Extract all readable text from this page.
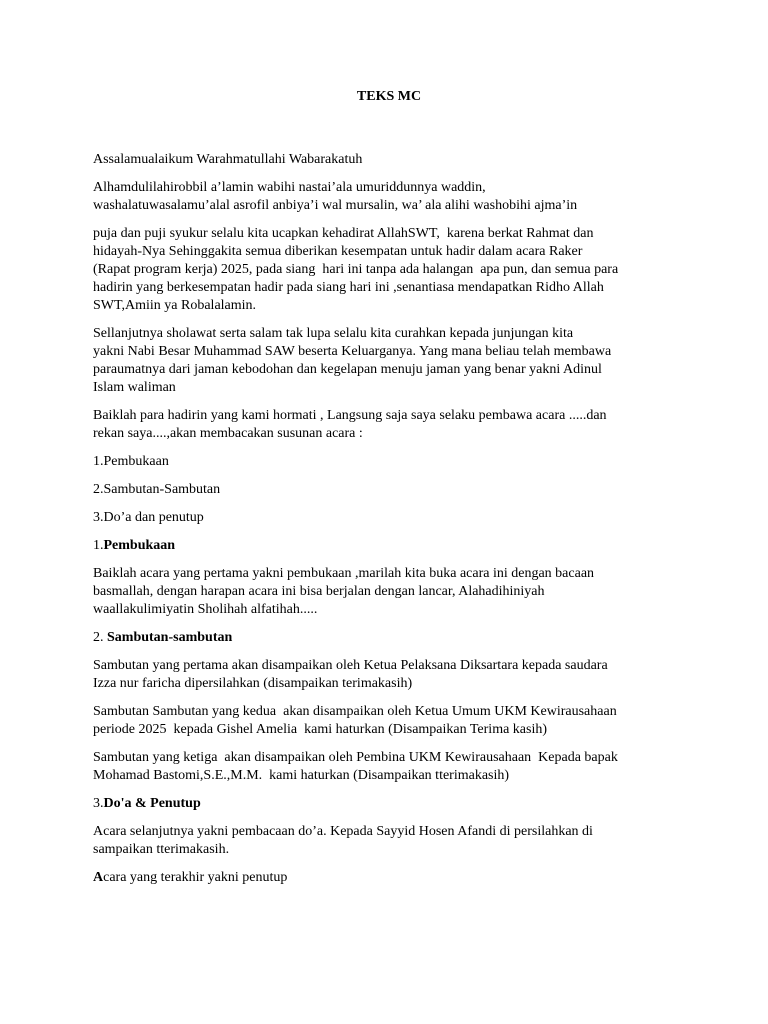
TEKS MC

Assalamualaikum Warahmatullahi Wabarakatuh

Alhamdulilahirobbil a’lamin wabihi nastai’ala umuriddunnya waddin,
washalatuwasalamu’alal asrofil anbiya’i wal mursalin, wa’ ala alihi washobihi ajma’in

puja dan puji syukur selalu kita ucapkan kehadirat AllahSWT,  karena berkat Rahmat dan
hidayah-Nya Sehinggakita semua diberikan kesempatan untuk hadir dalam acara Raker
(Rapat program kerja) 2025, pada siang  hari ini tanpa ada halangan  apa pun, dan semua para
hadirin yang berkesempatan hadir pada siang hari ini ,senantiasa mendapatkan Ridho Allah
SWT,Amiin ya Robalalamin.

Sellanjutnya sholawat serta salam tak lupa selalu kita curahkan kepada junjungan kita
yakni Nabi Besar Muhammad SAW beserta Keluarganya. Yang mana beliau telah membawa
paraumatnya dari jaman kebodohan dan kegelapan menuju jaman yang benar yakni Adinul
Islam waliman

Baiklah para hadirin yang kami hormati , Langsung saja saya selaku pembawa acara .....dan
rekan saya....,akan membacakan susunan acara :

1.Pembukaan

2.Sambutan-Sambutan

3.Do’a dan penutup

1.Pembukaan

Baiklah acara yang pertama yakni pembukaan ,marilah kita buka acara ini dengan bacaan
basmallah, dengan harapan acara ini bisa berjalan dengan lancar, Alahadihiniyah
waallakulimiyatin Sholihah alfatihah.....

2. Sambutan-sambutan

Sambutan yang pertama akan disampaikan oleh Ketua Pelaksana Diksartara kepada saudara
Izza nur faricha dipersilahkan (disampaikan terimakasih)

Sambutan Sambutan yang kedua  akan disampaikan oleh Ketua Umum UKM Kewirausahaan
periode 2025  kepada Gishel Amelia  kami haturkan (Disampaikan Terima kasih)

Sambutan yang ketiga  akan disampaikan oleh Pembina UKM Kewirausahaan  Kepada bapak
Mohamad Bastomi,S.E.,M.M.  kami haturkan (Disampaikan tterimakasih)

3.Do'a & Penutup

Acara selanjutnya yakni pembacaan do’a. Kepada Sayyid Hosen Afandi di persilahkan di
sampaikan tterimakasih.

Acara yang terakhir yakni penutup
